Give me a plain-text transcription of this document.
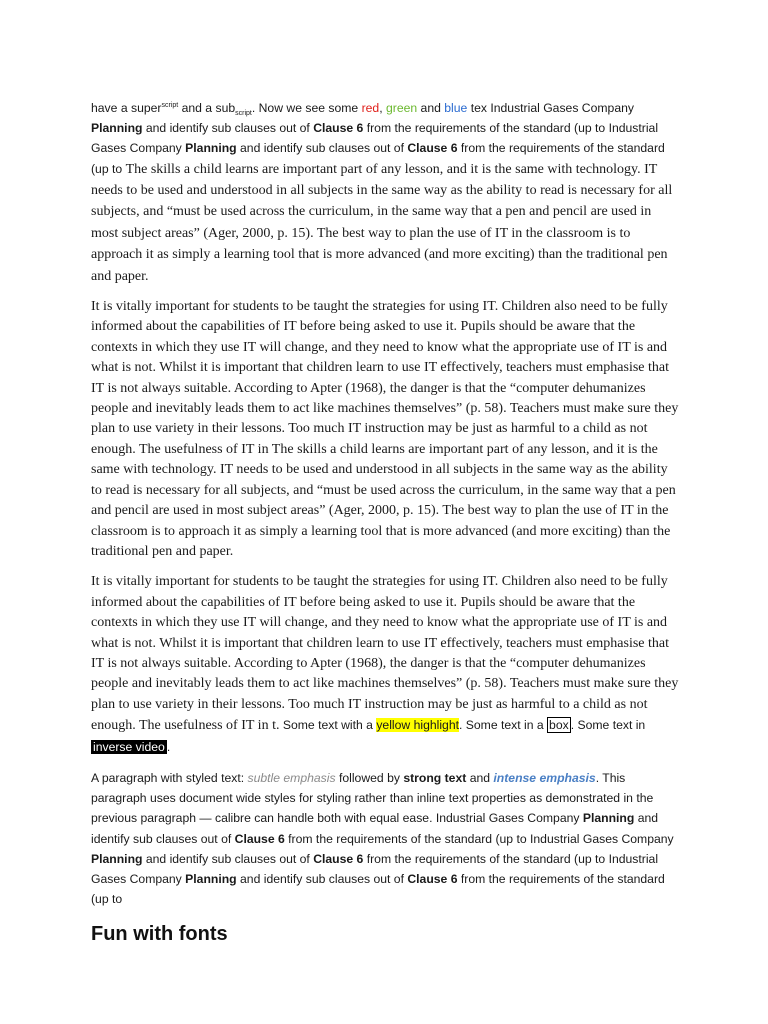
have a super$^{script}$ and a sub$_{script}$. Now we see some red, green and blue tex Industrial Gases Company Planning and identify sub clauses out of Clause 6 from the requirements of the standard (up to Industrial Gases Company Planning and identify sub clauses out of Clause 6 from the requirements of the standard (up to The skills a child learns are important part of any lesson, and it is the same with technology. IT needs to be used and understood in all subjects in the same way as the ability to read is necessary for all subjects, and “must be used across the curriculum, in the same way that a pen and pencil are used in most subject areas” (Ager, 2000, p. 15). The best way to plan the use of IT in the classroom is to approach it as simply a learning tool that is more advanced (and more exciting) than the traditional pen and paper.

It is vitally important for students to be taught the strategies for using IT. Children also need to be fully informed about the capabilities of IT before being asked to use it. Pupils should be aware that the contexts in which they use IT will change, and they need to know what the appropriate use of IT is and what is not. Whilst it is important that children learn to use IT effectively, teachers must emphasise that IT is not always suitable. According to Apter (1968), the danger is that the “computer dehumanizes people and inevitably leads them to act like machines themselves” (p. 58). Teachers must make sure they plan to use variety in their lessons. Too much IT instruction may be just as harmful to a child as not enough. The usefulness of IT in The skills a child learns are important part of any lesson, and it is the same with technology. IT needs to be used and understood in all subjects in the same way as the ability to read is necessary for all subjects, and “must be used across the curriculum, in the same way that a pen and pencil are used in most subject areas” (Ager, 2000, p. 15). The best way to plan the use of IT in the classroom is to approach it as simply a learning tool that is more advanced (and more exciting) than the traditional pen and paper.

It is vitally important for students to be taught the strategies for using IT. Children also need to be fully informed about the capabilities of IT before being asked to use it. Pupils should be aware that the contexts in which they use IT will change, and they need to know what the appropriate use of IT is and what is not. Whilst it is important that children learn to use IT effectively, teachers must emphasise that IT is not always suitable. According to Apter (1968), the danger is that the “computer dehumanizes people and inevitably leads them to act like machines themselves” (p. 58). Teachers must make sure they plan to use variety in their lessons. Too much IT instruction may be just as harmful to a child as not enough. The usefulness of IT in t. Some text with a yellow highlight. Some text in a box . Some text in inverse video .

A paragraph with styled text: subtle emphasis followed by strong text and intense emphasis. This paragraph uses document wide styles for styling rather than inline text properties as demonstrated in the previous paragraph — calibre can handle both with equal ease. Industrial Gases Company Planning and identify sub clauses out of Clause 6 from the requirements of the standard (up to Industrial Gases Company Planning and identify sub clauses out of Clause 6 from the requirements of the standard (up to Industrial Gases Company Planning and identify sub clauses out of Clause 6 from the requirements of the standard (up to

Fun with fonts
